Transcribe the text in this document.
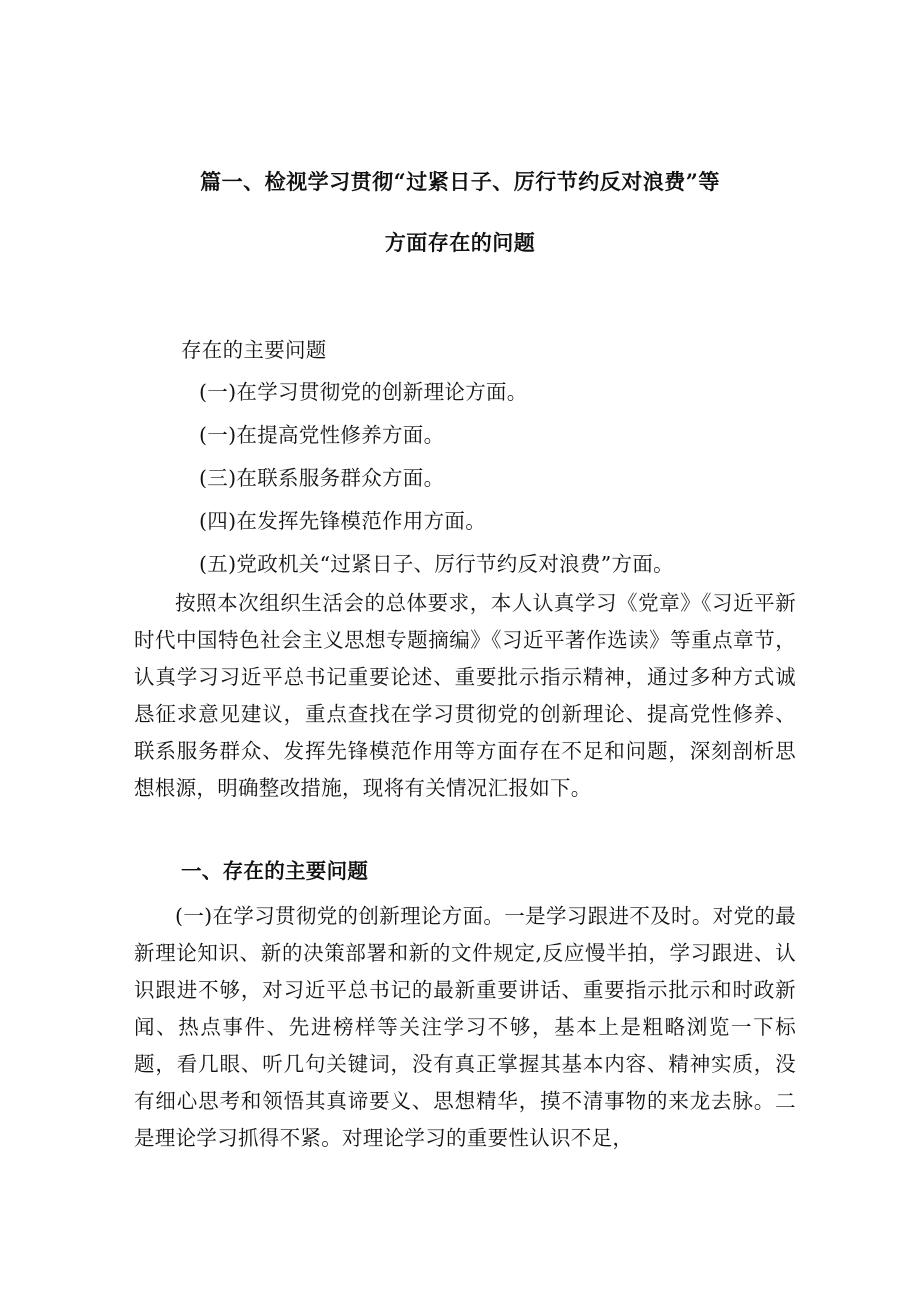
篇一、检视学习贯彻“过紧日子、厉行节约反对浪费”等
方面存在的问题
存在的主要问题
(一)在学习贯彻党的创新理论方面。
(一)在提高党性修养方面。
(三)在联系服务群众方面。
(四)在发挥先锋模范作用方面。
(五)党政机关“过紧日子、厉行节约反对浪费”方面。
按照本次组织生活会的总体要求，本人认真学习《党章》《习近平新时代中国特色社会主义思想专题摘编》《习近平著作选读》等重点章节，认真学习习近平总书记重要论述、重要批示指示精神，通过多种方式诚恳征求意见建议，重点查找在学习贯彻党的创新理论、提高党性修养、联系服务群众、发挥先锋模范作用等方面存在不足和问题，深刻剖析思想根源，明确整改措施，现将有关情况汇报如下。
一、存在的主要问题
(一)在学习贯彻党的创新理论方面。一是学习跟进不及时。对党的最新理论知识、新的决策部署和新的文件规定,反应慢半拍，学习跟进、认识跟进不够，对习近平总书记的最新重要讲话、重要指示批示和时政新闻、热点事件、先进榜样等关注学习不够，基本上是粗略浏览一下标题，看几眼、听几句关键词，没有真正掌握其基本内容、精神实质，没有细心思考和领悟其真谛要义、思想精华，摸不清事物的来龙去脉。二是理论学习抓得不紧。对理论学习的重要性认识不足，
